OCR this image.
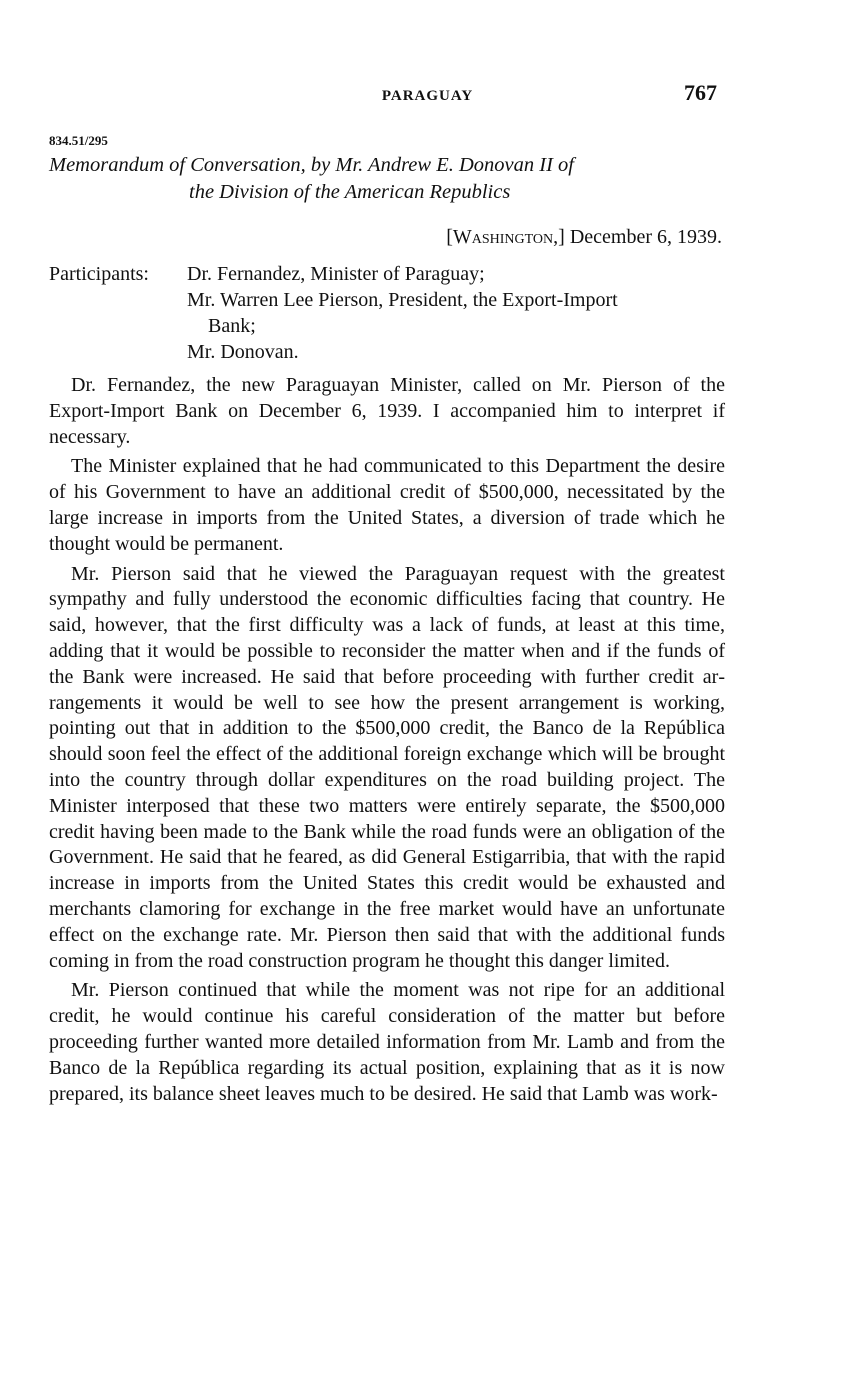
PARAGUAY	767
834.51/295
Memorandum of Conversation, by Mr. Andrew E. Donovan II of
the Division of the American Republics
[Washington,] December 6, 1939.
Participants:	Dr. Fernandez, Minister of Paraguay;
Mr. Warren Lee Pierson, President, the Export-Import
Bank;
Mr. Donovan.

Dr. Fernandez, the new Paraguayan Minister, called on Mr. Pierson of the Export-Import Bank on December 6, 1939. I accompanied him to interpret if necessary.

The Minister explained that he had communicated to this Department the desire of his Government to have an additional credit of $500,000, necessitated by the large increase in imports from the United States, a diversion of trade which he thought would be permanent.

Mr. Pierson said that he viewed the Paraguayan request with the greatest sympathy and fully understood the economic difficulties facing that country. He said, however, that the first difficulty was a lack of funds, at least at this time, adding that it would be possible to reconsider the matter when and if the funds of the Bank were increased. He said that before proceeding with further credit arrangements it would be well to see how the present arrangement is working, pointing out that in addition to the $500,000 credit, the Banco de la República should soon feel the effect of the additional foreign exchange which will be brought into the country through dollar expenditures on the road building project. The Minister interposed that these two matters were entirely separate, the $500,000 credit having been made to the Bank while the road funds were an obligation of the Government. He said that he feared, as did General Estigarribia, that with the rapid increase in imports from the United States this credit would be exhausted and merchants clamoring for exchange in the free market would have an unfortunate effect on the exchange rate. Mr. Pierson then said that with the additional funds coming in from the road construction program he thought this danger limited.

Mr. Pierson continued that while the moment was not ripe for an additional credit, he would continue his careful consideration of the matter but before proceeding further wanted more detailed information from Mr. Lamb and from the Banco de la República regarding its actual position, explaining that as it is now prepared, its balance sheet leaves much to be desired. He said that Lamb was work-
